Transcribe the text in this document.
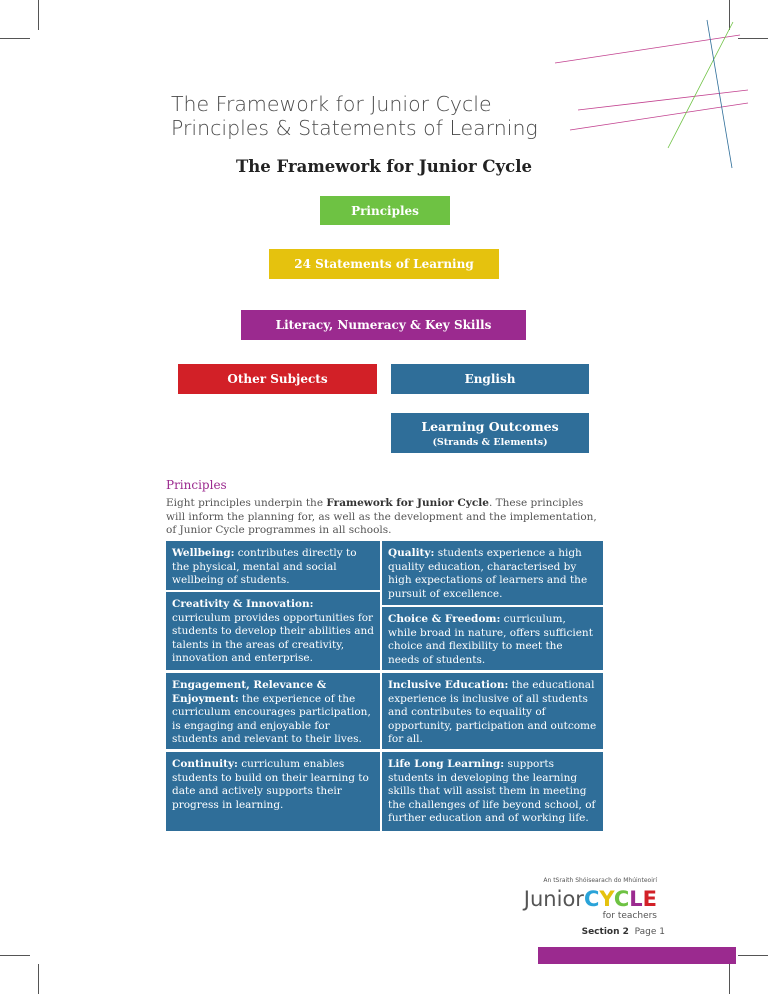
The Framework for Junior Cycle
Principles & Statements of Learning
The Framework for Junior Cycle
Principles
24 Statements of Learning
Literacy, Numeracy & Key Skills
Other Subjects	English
Learning Outcomes
(Strands & Elements)
Principles
Eight principles underpin the Framework for Junior Cycle. These principles will inform the planning for, as well as the development and the implementation, of Junior Cycle programmes in all schools.
Wellbeing: contributes directly to the physical, mental and social wellbeing of students.
Quality: students experience a high quality education, characterised by high expectations of learners and the pursuit of excellence.
Creativity & Innovation: curriculum provides opportunities for students to develop their abilities and talents in the areas of creativity, innovation and enterprise.
Choice & Freedom: curriculum, while broad in nature, offers sufficient choice and flexibility to meet the needs of students.
Engagement, Relevance & Enjoyment: the experience of the curriculum encourages participation, is engaging and enjoyable for students and relevant to their lives.
Inclusive Education: the educational experience is inclusive of all students and contributes to equality of opportunity, participation and outcome for all.
Continuity: curriculum enables students to build on their learning to date and actively supports their progress in learning.
Life Long Learning: supports students in developing the learning skills that will assist them in meeting the challenges of life beyond school, of further education and of working life.
An tSraith Shóisearach do Mhúinteoirí
JuniorCYCLE
for teachers
Section 2 Page 1
